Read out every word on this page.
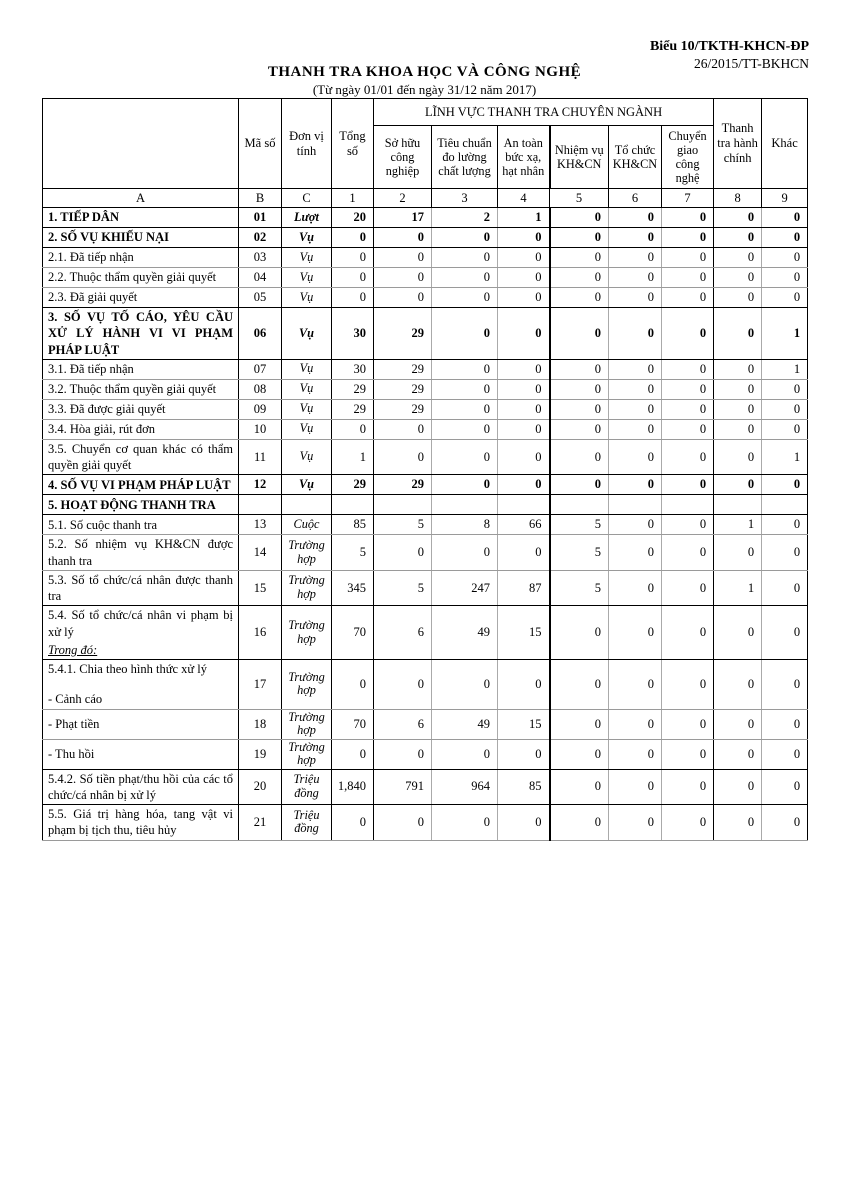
Biểu 10/TKTH-KHCN-ĐP
26/2015/TT-BKHCN
THANH TRA KHOA HỌC VÀ CÔNG NGHỆ
(Từ ngày 01/01 đến ngày 31/12 năm 2017)
	Mã số	Đơn vị tính	Tổng số	LĨNH VỰC THANH TRA CHUYÊN NGÀNH						Thanh tra hành chính	Khác
				Sở hữu công nghiệp	Tiêu chuẩn đo lường chất lượng	An toàn bức xạ, hạt nhân	Nhiệm vụ KH&CN	Tổ chức KH&CN	Chuyển giao công nghệ		
A	B	C	1	2	3	4	5	6	7	8	9

1. TIẾP DÂN	01	Lượt	20	17	2	1	0	0	0	0	0

2. SỐ VỤ KHIẾU NẠI	02	Vụ	0	0	0	0	0	0	0	0	0

2.1. Đã tiếp nhận	03	Vụ	0	0	0	0	0	0	0	0	0

2.2. Thuộc thẩm quyền giải quyết	04	Vụ	0	0	0	0	0	0	0	0	0

2.3. Đã giải quyết	05	Vụ	0	0	0	0	0	0	0	0	0

3. SỐ VỤ TỐ CÁO, YÊU CẦU XỬ LÝ HÀNH VI VI PHẠM PHÁP LUẬT	06	Vụ	30	29	0	0	0	0	0	0	1

3.1. Đã tiếp nhận	07	Vụ	30	29	0	0	0	0	0	0	1

3.2. Thuộc thẩm quyền giải quyết	08	Vụ	29	29	0	0	0	0	0	0	0

3.3. Đã được giải quyết	09	Vụ	29	29	0	0	0	0	0	0	0

3.4. Hòa giải, rút đơn	10	Vụ	0	0	0	0	0	0	0	0	0

3.5. Chuyển cơ quan khác có thẩm quyền giải quyết	11	Vụ	1	0	0	0	0	0	0	0	1

4. SỐ VỤ VI PHẠM PHÁP LUẬT	12	Vụ	29	29	0	0	0	0	0	0	0

5. HOẠT ĐỘNG THANH TRA											

5.1. Số cuộc thanh tra	13	Cuộc	85	5	8	66	5	0	0	1	0

5.2. Số nhiệm vụ KH&CN được thanh tra	14	Trường hợp	5	0	0	0	5	0	0	0	0

5.3. Số tổ chức/cá nhân được thanh tra	15	Trường hợp	345	5	247	87	5	0	0	1	0

5.4. Số tổ chức/cá nhân vi phạm bị xử lý
Trong đó:	16	Trường hợp	70	6	49	15	0	0	0	0	0

5.4.1. Chia theo hình thức xử lý
- Cảnh cáo	17	Trường hợp	0	0	0	0	0	0	0	0	0

- Phạt tiền	18	Trường hợp	70	6	49	15	0	0	0	0	0

- Thu hồi	19	Trường hợp	0	0	0	0	0	0	0	0	0

5.4.2. Số tiền phạt/thu hồi của các tổ chức/cá nhân bị xử lý	20	Triệu đồng	1,840	791	964	85	0	0	0	0	0

5.5. Giá trị hàng hóa, tang vật vi phạm bị tịch thu, tiêu hủy	21	Triệu đồng	0	0	0	0	0	0	0	0	0
